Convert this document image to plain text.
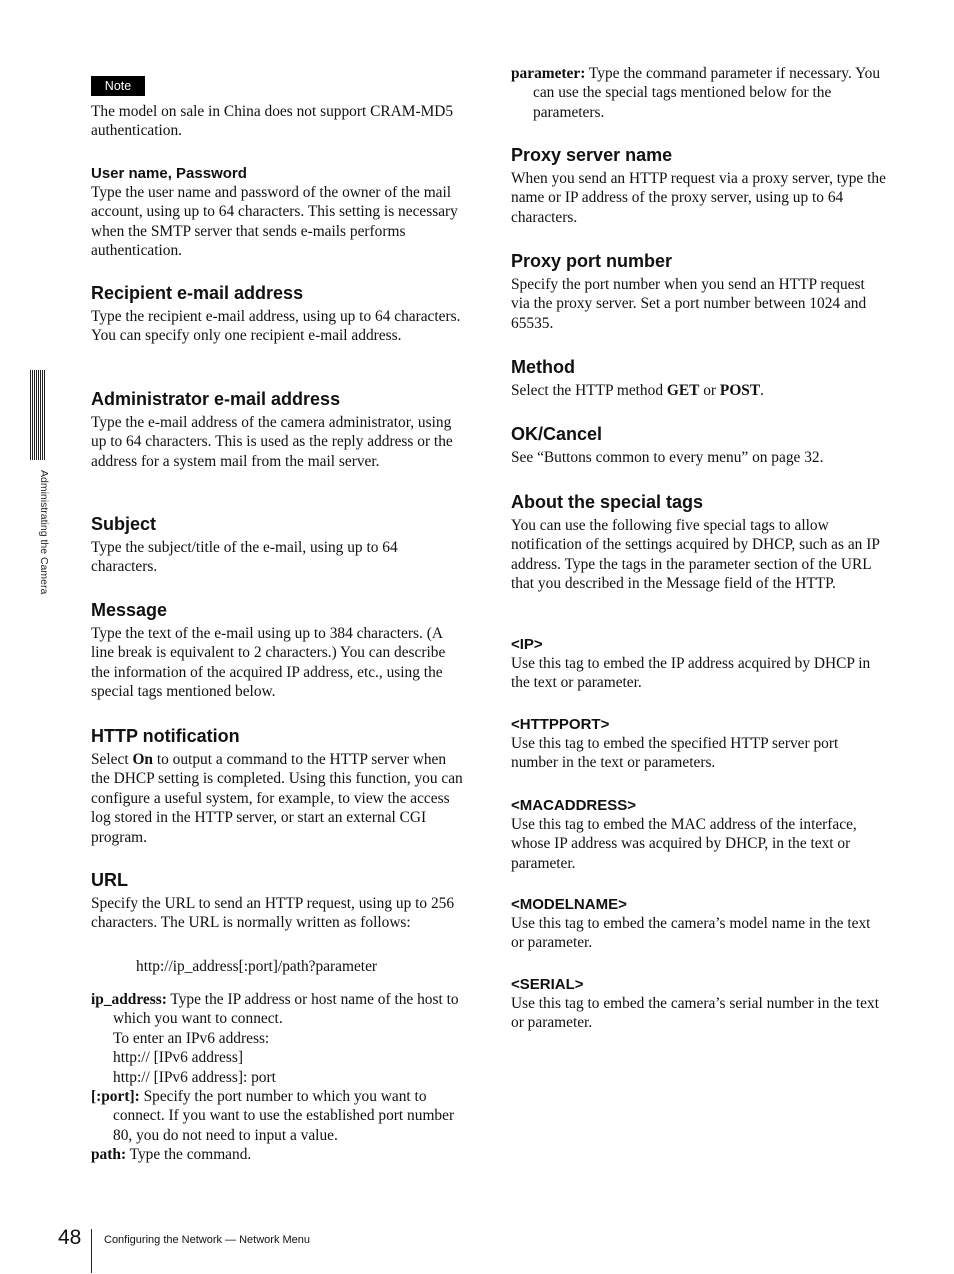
Note

The model on sale in China does not support CRAM-MD5 authentication.

User name, Password

Type the user name and password of the owner of the mail account, using up to 64 characters. This setting is necessary when the SMTP server that sends e-mails performs authentication.

Recipient e-mail address

Type the recipient e-mail address, using up to 64 characters. You can specify only one recipient e-mail address.

Administrator e-mail address

Type the e-mail address of the camera administrator, using up to 64 characters. This is used as the reply address or the address for a system mail from the mail server.

Subject

Type the subject/title of the e-mail, using up to 64 characters.

Message

Type the text of the e-mail using up to 384 characters. (A line break is equivalent to 2 characters.) You can describe the information of the acquired IP address, etc., using the special tags mentioned below.

HTTP notification

Select On to output a command to the HTTP server when the DHCP setting is completed. Using this function, you can configure a useful system, for example, to view the access log stored in the HTTP server, or start an external CGI program.

URL

Specify the URL to send an HTTP request, using up to 256 characters. The URL is normally written as follows:

http://ip_address[:port]/path?parameter

ip_address: Type the IP address or host name of the host to which you want to connect.

To enter an IPv6 address:

http:// [IPv6 address]

http:// [IPv6 address]: port

[:port]: Specify the port number to which you want to connect. If you want to use the established port number 80, you do not need to input a value.

path: Type the command.

parameter: Type the command parameter if necessary. You can use the special tags mentioned below for the parameters.

Proxy server name

When you send an HTTP request via a proxy server, type the name or IP address of the proxy server, using up to 64 characters.

Proxy port number

Specify the port number when you send an HTTP request via the proxy server. Set a port number between 1024 and 65535.

Method

Select the HTTP method GET or POST.

OK/Cancel

See “Buttons common to every menu” on page 32.

About the special tags

You can use the following five special tags to allow notification of the settings acquired by DHCP, such as an IP address. Type the tags in the parameter section of the URL that you described in the Message field of the HTTP.

<IP>

Use this tag to embed the IP address acquired by DHCP in the text or parameter.

<HTTPPORT>

Use this tag to embed the specified HTTP server port number in the text or parameters.

<MACADDRESS>

Use this tag to embed the MAC address of the interface, whose IP address was acquired by DHCP, in the text or parameter.

<MODELNAME>

Use this tag to embed the camera’s model name in the text or parameter.

<SERIAL>

Use this tag to embed the camera’s serial number in the text or parameter.

Administrating the Camera
48 Configuring the Network — Network Menu
